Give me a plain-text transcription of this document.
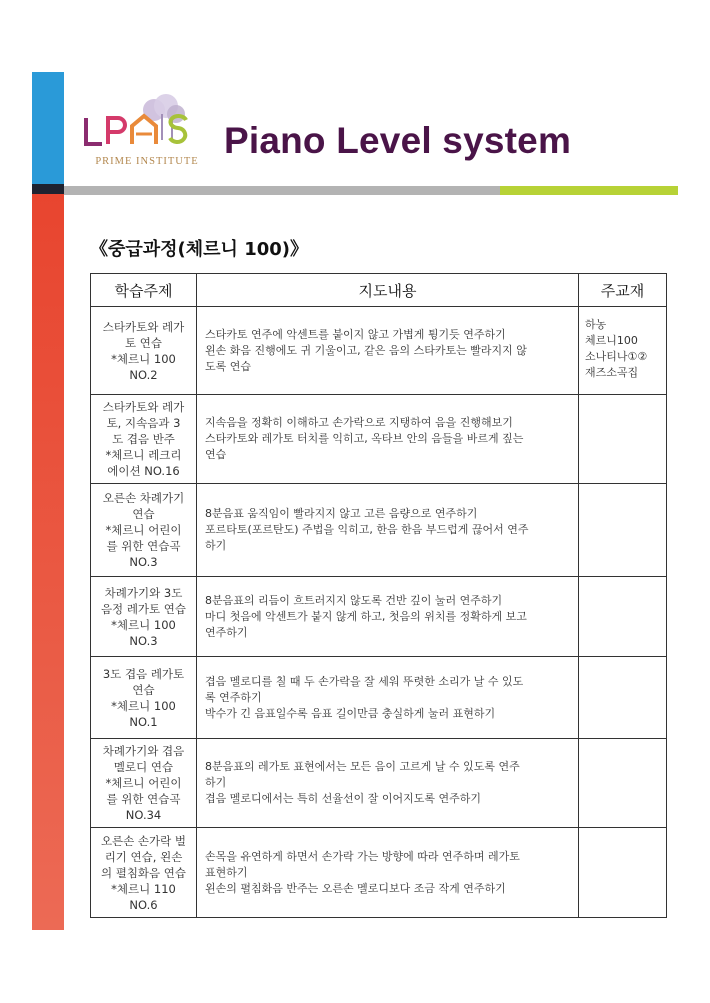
PRIME INSTITUTE
Piano Level system
《중급과정(체르니 100)》
학습주제	지도내용	주교재

스타카토와 레가
토 연습
*체르니 100
NO.2	스타카토 연주에 악센트를 붙이지 않고 가볍게 튕기듯 연주하기
왼손 화음 진행에도 귀 기울이고, 같은 음의 스타카토는 빨라지지 않
도록 연습	하농
체르니100
소나티나①②
재즈소곡집

스타카토와 레가
토, 지속음과 3
도 겹음 반주
*체르니 레크리
에이션 NO.16	지속음을 정확히 이해하고 손가락으로 지탱하여 음을 진행해보기
스타카토와 레가토 터치를 익히고, 옥타브 안의 음들을 바르게 짚는
연습	

오른손 차례가기
연습
*체르니 어린이
를 위한 연습곡
NO.3	8분음표 움직임이 빨라지지 않고 고른 음량으로 연주하기
포르타토(포르탄도) 주법을 익히고, 한음 한음 부드럽게 끊어서 연주
하기	

차례가기와 3도
음정 레가토 연습
*체르니 100
NO.3	8분음표의 리듬이 흐트러지지 않도록 건반 깊이 눌러 연주하기
마디 첫음에 악센트가 붙지 않게 하고, 첫음의 위치를 정확하게 보고
연주하기	

3도 겹음 레가토
연습
*체르니 100
NO.1	겹음 멜로디를 칠 때 두 손가락을 잘 세워 뚜렷한 소리가 날 수 있도
록 연주하기
박수가 긴 음표일수록 음표 길이만큼 충실하게 눌러 표현하기	

차례가기와 겹음
멜로디 연습
*체르니 어린이
를 위한 연습곡
NO.34	8분음표의 레가토 표현에서는 모든 음이 고르게 날 수 있도록 연주
하기
겹음 멜로디에서는 특히 선율선이 잘 이어지도록 연주하기	

오른손 손가락 벌
리기 연습, 왼손
의 펼침화음 연습
*체르니 110
NO.6	손목을 유연하게 하면서 손가락 가는 방향에 따라 연주하며 레가토
표현하기
왼손의 펼침화음 반주는 오른손 멜로디보다 조금 작게 연주하기	
